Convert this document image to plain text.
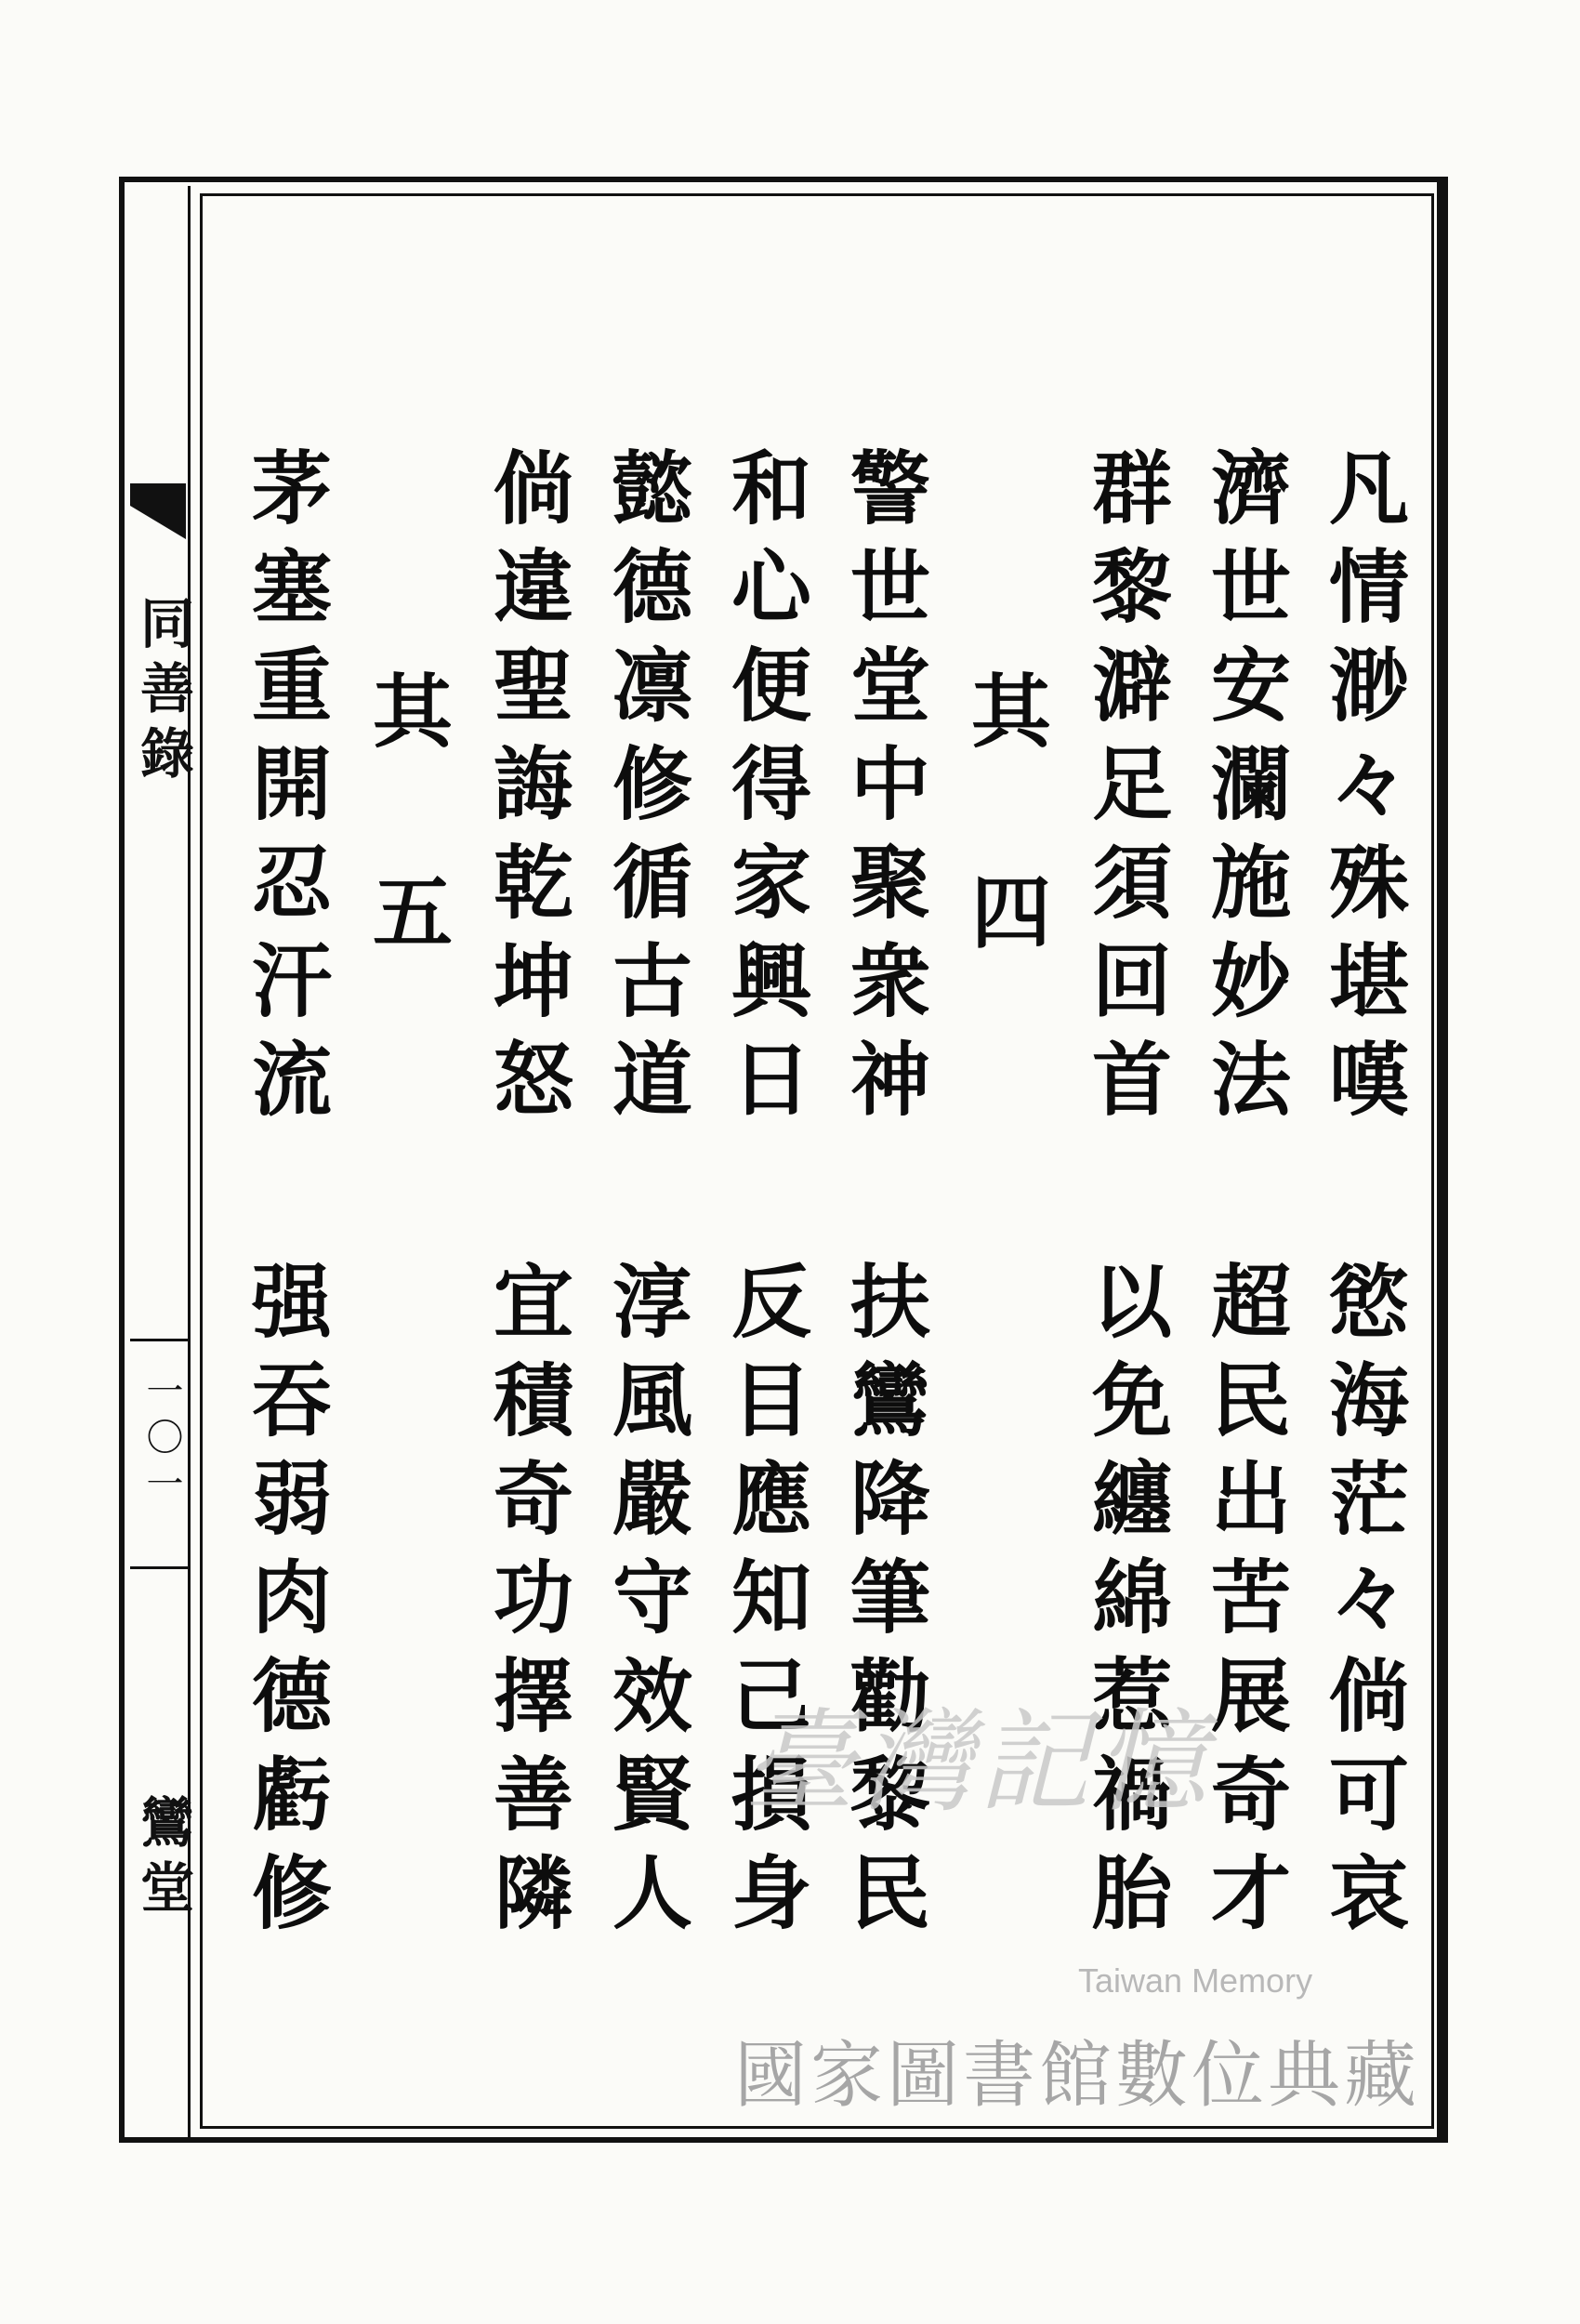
同善錄
一〇一
鸞堂
凡情渺々殊堪嘆
慾海茫々倘可哀
濟世安瀾施妙法
超民出苦展奇才
群黎澼足須回首
以免纏綿惹禍胎
其四
警世堂中聚衆神
扶鸞降筆勸黎民
和心便得家興日
反目應知己損身
懿德凛修循古道
淳風嚴守效賢人
倘違聖誨乾坤怒
宜積奇功擇善隣
其五
茅塞重開忍汗流
强吞弱肉德虧修	臺灣記憶
Taiwan Memory
國家圖書館數位典藏
